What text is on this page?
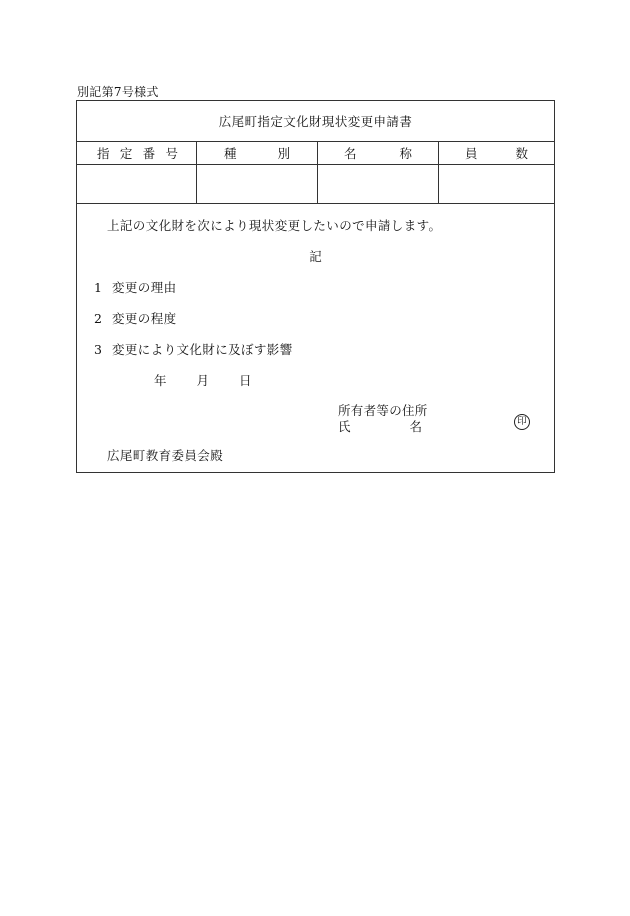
別記第7号様式
広尾町指定文化財現状変更申請書
指 定 番 号	種 別	名 称	員 数

上記の文化財を次により現状変更したいので申請します。
記
1 変更の理由
2 変更の程度
3 変更により文化財に及ぼす影響
年 月 日
所有者等の住所
氏	名	印
広尾町教育委員会殿
